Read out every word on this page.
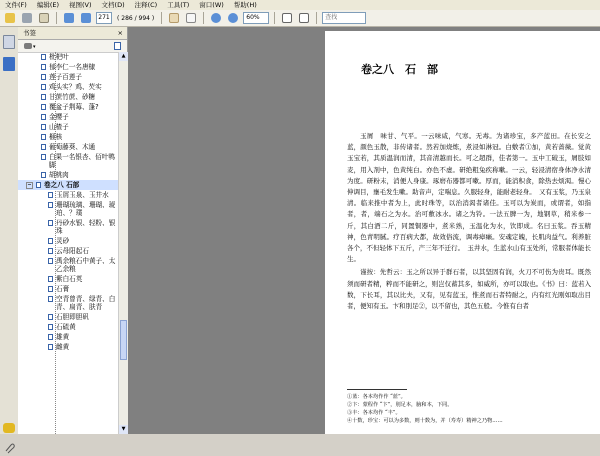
文件(F)	编辑(E)	视图(V)	文档(D)	注释(C)	工具(T)	窗口(W)	帮助(H)
271	( 286 / 994 )	60%	查找
书签	×
▾
枇杷叶
郁李仁一名唐棣
莲子百莲子
鸡头实？鸡、芡实
甘蔗竹蔗、砂糖
覆盆子荆莓、蓬?
金樱子
山楂子
榧核
葡萄藤葵、木通
白果一名银杏、佰叶鸭脚
胡桃肉
− 卷之八 石部
玉屑玉泉、玉井水
珊瑚琉璃、珊瑚、琥珀、？璞
丹砂水银、轻粉、银珠
灵砂
云母阳起石
禹余粮石中黄子、太乙余粮
紫白石英
石膏
空青曾青、绿青、白青、扁青、肤青
石胆即胆矾
石硫黄
雄黄
雌黄
▲
▼
卷之八　石　部

玉屑　味甘、气平。一云味咸，气寒。无毒。为诸珍宝，多产蓝田。在长安之蓝，颜色玉散，非传诸者。然若加烧炼，煮浸如淋冠。白敷者①加，黄若蔷薇。觉黄玉宝若，其质温润而清，其音清越而长。可之超群，佳者第一。玉中工破玉，屑肢如麦，用入剂中，色黄纯白。亦色不虚。研绝粗兔疾称嗽。一云，轻浸清宿身体净水清为度。研粉末，消便人身康。琢磨布器都可嗽。厚而，能消积食，除热去烦渴。慢心伸调目，壅毛发生嗽。助音声，定喘息。久服轻身，能耐老轻身。　又有玉浆，乃玉泉清。临来推中者为上，此时珠等，以治消渴者诸佳。玉可以为炭而，或谓者，如指者，者，端石之为水。治可敷冰水。诸之为铃。一法五脾一为，地钢草，稍米参一斤，其白酒二斤，同置铜器中，煮米熟，玉温化为水，饮即成。名曰玉浆。吞玉精神，色青明腻。疗百病大都，故效俗流，调毒瘴癞。安魂定魄，长肌肉益气。利养脏各个，不但轻体下五斤，产三年不迁行。　玉井水，生蓝水山有玉处所，常服者体能长生。

谨按：先哲云：玉之所以异于群石者，以其坚固有润，火刀不可伤为贵耳。既然须而研者精，粹而不能研之，则岂仅蓄其多，如威所，亦可以取也。《书》曰：蓝若入数，下长耳，其以比夫，又有，见有蓝玉，惟煮而石者特耐之，内有红光刚如取出目者，便知有玉。卞和刖足②，以不留也，其色五般。今惟有白者

①蓝：各本均作作 “蓝”。
②卞：蒙程作 “卞”，刖足本，脑和本，下同。
③丰：各本均作 “丰”。
④十数，珍宝：可以为多数，则十数为，并（寿寿）精神之乃物……
